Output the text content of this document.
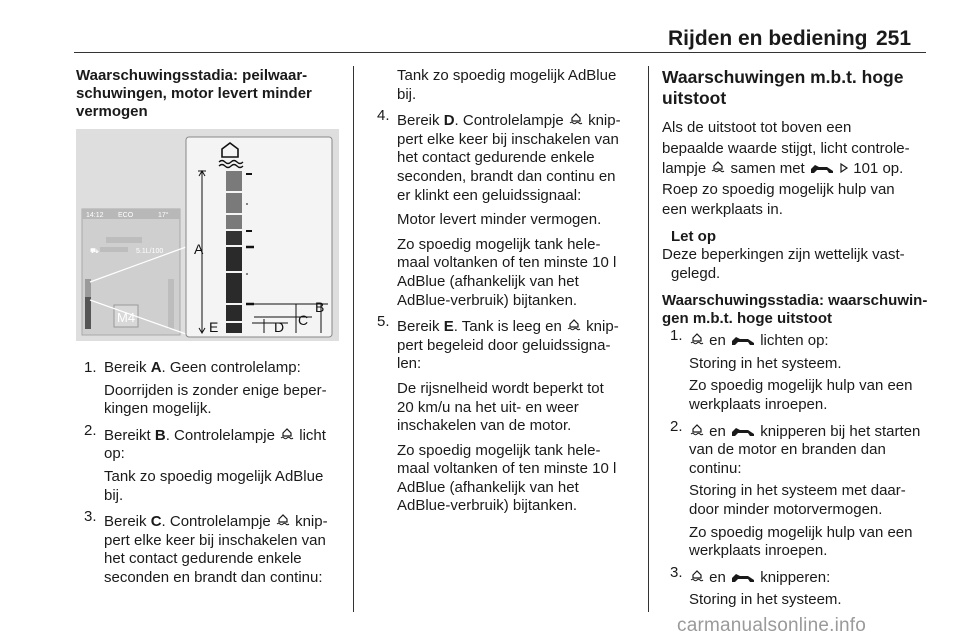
Rijden en bediening 251
Waarschuwingsstadia: peilwaar-
schuwingen, motor levert minder
vermogen
14:12 ECO	17°
⛟	5.1L/100
M4
A
E
B
C
D
1. Bereik A. Geen controlelamp:
Doorrijden is zonder enige beper-
kingen mogelijk.
2. Bereikt B. Controlelampje  licht
op:
Tank zo spoedig mogelijk AdBlue
bij.
3. Bereik C. Controlelampje  knip-
pert elke keer bij inschakelen van
het contact gedurende enkele
seconden en brandt dan continu:
Tank zo spoedig mogelijk AdBlue
bij.
4. Bereik D. Controlelampje  knip-
pert elke keer bij inschakelen van
het contact gedurende enkele
seconden, brandt dan continu en
er klinkt een geluidssignaal:
Motor levert minder vermogen.
Zo spoedig mogelijk tank hele-
maal voltanken of ten minste 10 l
AdBlue (afhankelijk van het
AdBlue-verbruik) bijtanken.
5. Bereik E. Tank is leeg en  knip-
pert begeleid door geluidssigna-
len:
De rijsnelheid wordt beperkt tot
20 km/u na het uit- en weer
inschakelen van de motor.
Zo spoedig mogelijk tank hele-
maal voltanken of ten minste 10 l
AdBlue (afhankelijk van het
AdBlue-verbruik) bijtanken.
Waarschuwingen m.b.t. hoge
uitstoot
Als de uitstoot tot boven een
bepaalde waarde stijgt, licht controle-
lampje  samen met	101 op.
Roep zo spoedig mogelijk hulp van
een werkplaats in.
Let op
Deze beperkingen zijn wettelijk vast-
gelegd.
Waarschuwingsstadia: waarschuwin-
gen m.b.t. hoge uitstoot
1.	en  lichten op:
Storing in het systeem.
Zo spoedig mogelijk hulp van een
werkplaats inroepen.
2.	en  knipperen bij het starten
van de motor en branden dan
continu:
Storing in het systeem met daar-
door minder motorvermogen.
Zo spoedig mogelijk hulp van een
werkplaats inroepen.
3.	en  knipperen:
Storing in het systeem.
carmanualsonline.info
